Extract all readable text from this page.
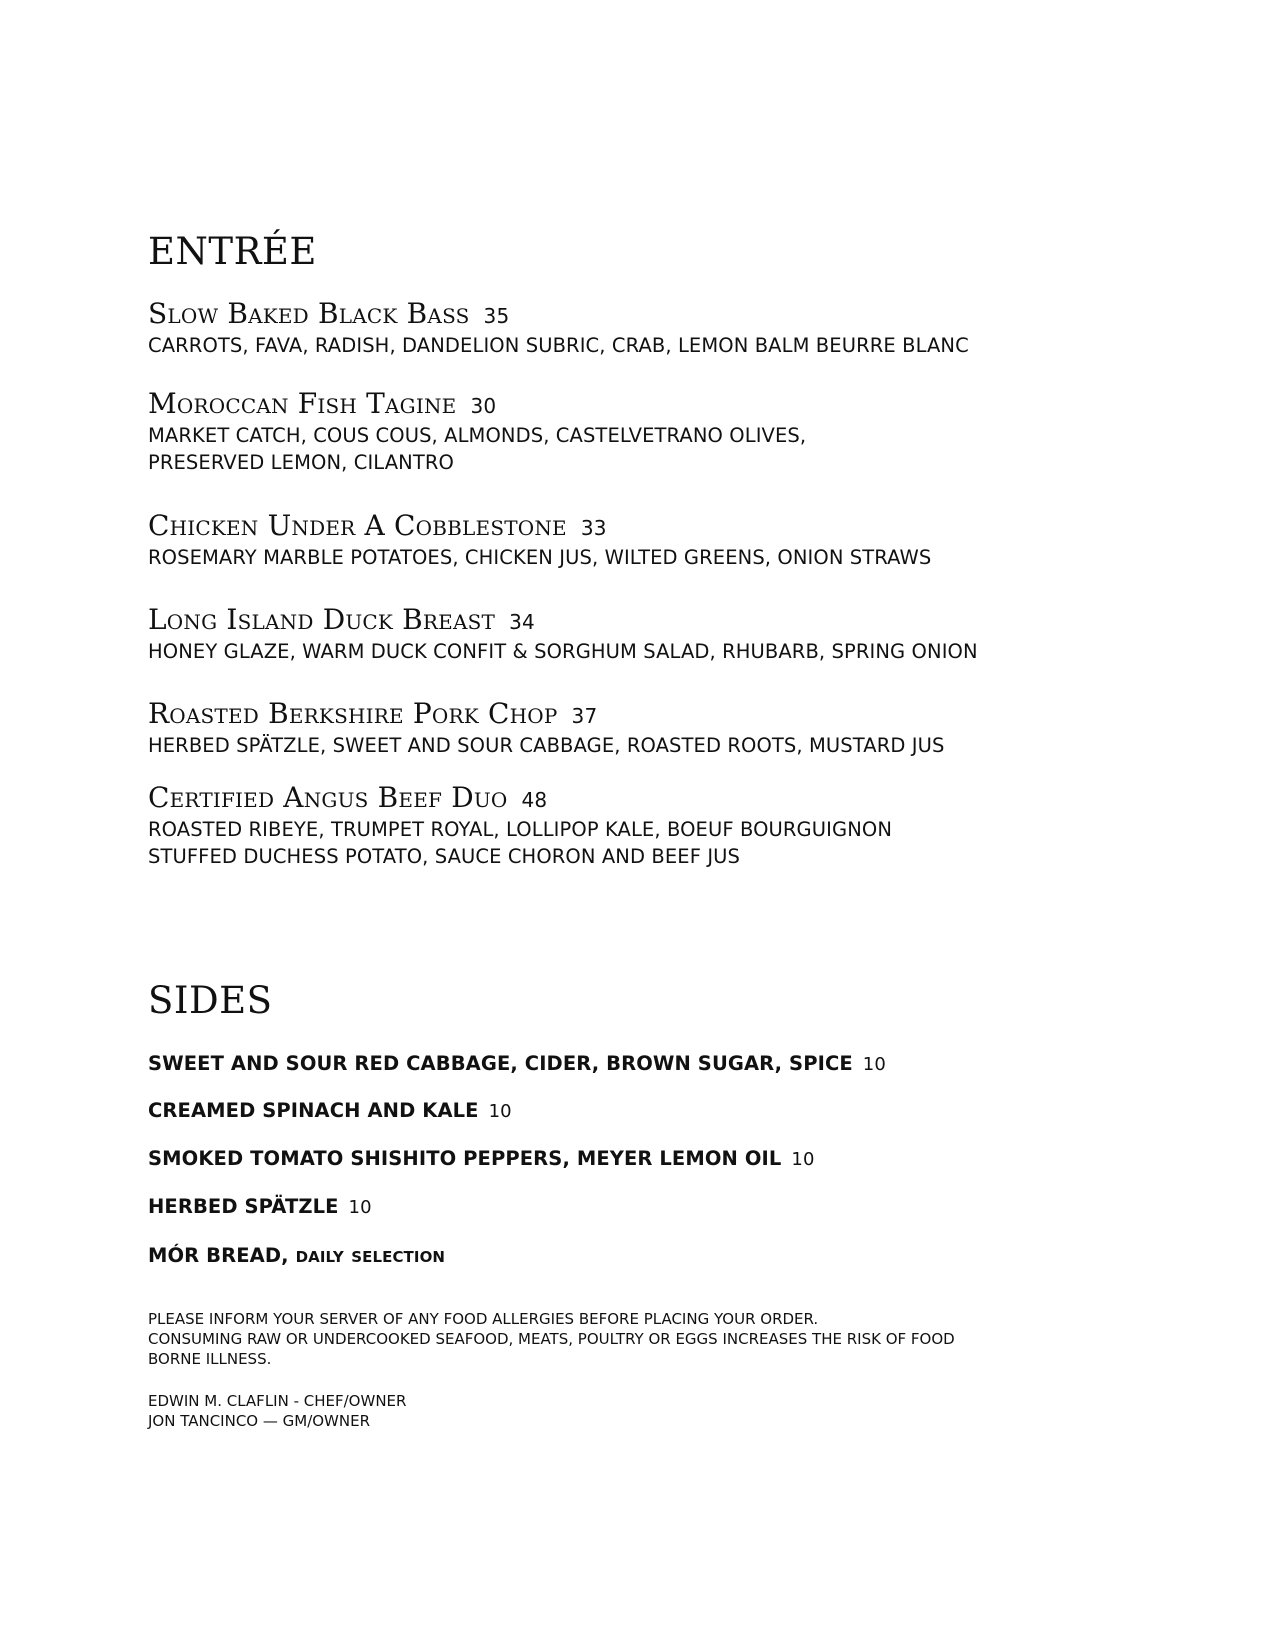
ENTRÉE
Slow Baked Black Bass 35
CARROTS, FAVA, RADISH, DANDELION SUBRIC, CRAB, LEMON BALM BEURRE BLANC
Moroccan Fish Tagine 30
MARKET CATCH, COUS COUS, ALMONDS, CASTELVETRANO OLIVES,
PRESERVED LEMON, CILANTRO
Chicken Under A Cobblestone 33
ROSEMARY MARBLE POTATOES, CHICKEN JUS, WILTED GREENS, ONION STRAWS
Long Island Duck Breast 34
HONEY GLAZE, WARM DUCK CONFIT & SORGHUM SALAD, RHUBARB, SPRING ONION
Roasted Berkshire Pork Chop 37
HERBED SPÄTZLE, SWEET AND SOUR CABBAGE, ROASTED ROOTS, MUSTARD JUS
Certified Angus Beef Duo 48
ROASTED RIBEYE, TRUMPET ROYAL, LOLLIPOP KALE, BOEUF BOURGUIGNON
STUFFED DUCHESS POTATO, SAUCE CHORON AND BEEF JUS
SIDES
SWEET AND SOUR RED CABBAGE, CIDER, BROWN SUGAR, SPICE 10
CREAMED SPINACH AND KALE 10
SMOKED TOMATO SHISHITO PEPPERS, MEYER LEMON OIL 10
HERBED SPÄTZLE 10
MÓR BREAD, daily selection
PLEASE INFORM YOUR SERVER OF ANY FOOD ALLERGIES BEFORE PLACING YOUR ORDER.
CONSUMING RAW OR UNDERCOOKED SEAFOOD, MEATS, POULTRY OR EGGS INCREASES THE RISK OF FOOD
BORNE ILLNESS.
EDWIN M. CLAFLIN - CHEF/OWNER
JON TANCINCO — GM/OWNER
